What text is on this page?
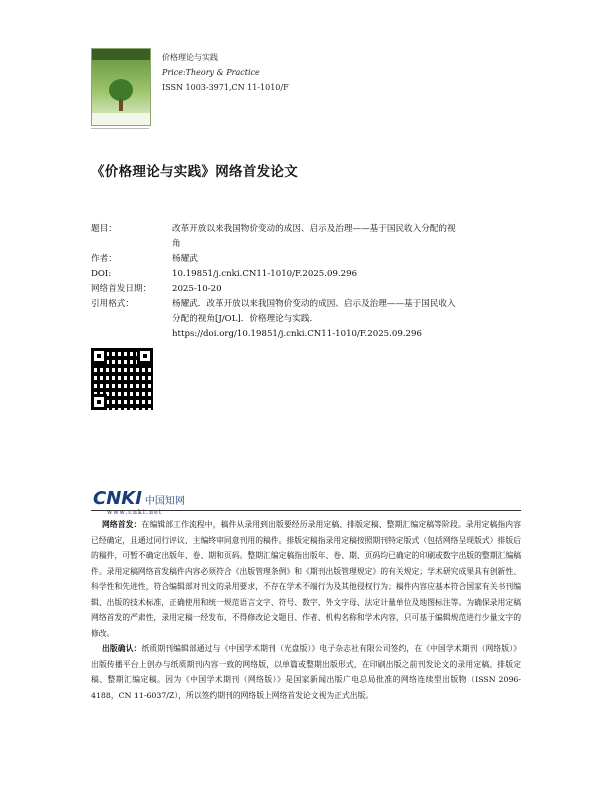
价格理论与实践
Price:Theory & Practice
ISSN 1003-3971,CN 11-1010/F
《价格理论与实践》网络首发论文
题目：	改革开放以来我国物价变动的成因、启示及治理——基于国民收入分配的视
角
作者：	杨耀武
DOI:	10.19851/j.cnki.CN11-1010/F.2025.09.296
网络首发日期：	2025-10-20
引用格式：	杨耀武．改革开放以来我国物价变动的成因、启示及治理——基于国民收入
分配的视角[J/OL]．价格理论与实践．
https://doi.org/10.19851/j.cnki.CN11-1010/F.2025.09.296
CNKI 中国知网
www.cnki.net

网络首发：在编辑部工作流程中，稿件从录用到出版要经历录用定稿、排版定稿、整期汇编定稿等阶段。录用定稿指内容已经确定，且通过同行评议、主编终审同意刊用的稿件。排版定稿指录用定稿按照期刊特定版式（包括网络呈现版式）排版后的稿件，可暂不确定出版年、卷、期和页码。整期汇编定稿指出版年、卷、期、页码均已确定的印刷或数字出版的整期汇编稿件。录用定稿网络首发稿件内容必须符合《出版管理条例》和《期刊出版管理规定》的有关规定；学术研究成果具有创新性、科学性和先进性，符合编辑部对刊文的录用要求，不存在学术不端行为及其他侵权行为；稿件内容应基本符合国家有关书刊编辑、出版的技术标准，正确使用和统一规范语言文字、符号、数字、外文字母、法定计量单位及地图标注等。为确保录用定稿网络首发的严肃性，录用定稿一经发布，不得修改论文题目、作者、机构名称和学术内容，只可基于编辑规范进行少量文字的修改。

出版确认：纸质期刊编辑部通过与《中国学术期刊（光盘版）》电子杂志社有限公司签约，在《中国学术期刊（网络版）》出版传播平台上创办与纸质期刊内容一致的网络版，以单篇或整期出版形式，在印刷出版之前刊发论文的录用定稿、排版定稿、整期汇编定稿。因为《中国学术期刊（网络版）》是国家新闻出版广电总局批准的网络连续型出版物（ISSN 2096-4188，CN 11-6037/Z），所以签约期刊的网络版上网络首发论文视为正式出版。
